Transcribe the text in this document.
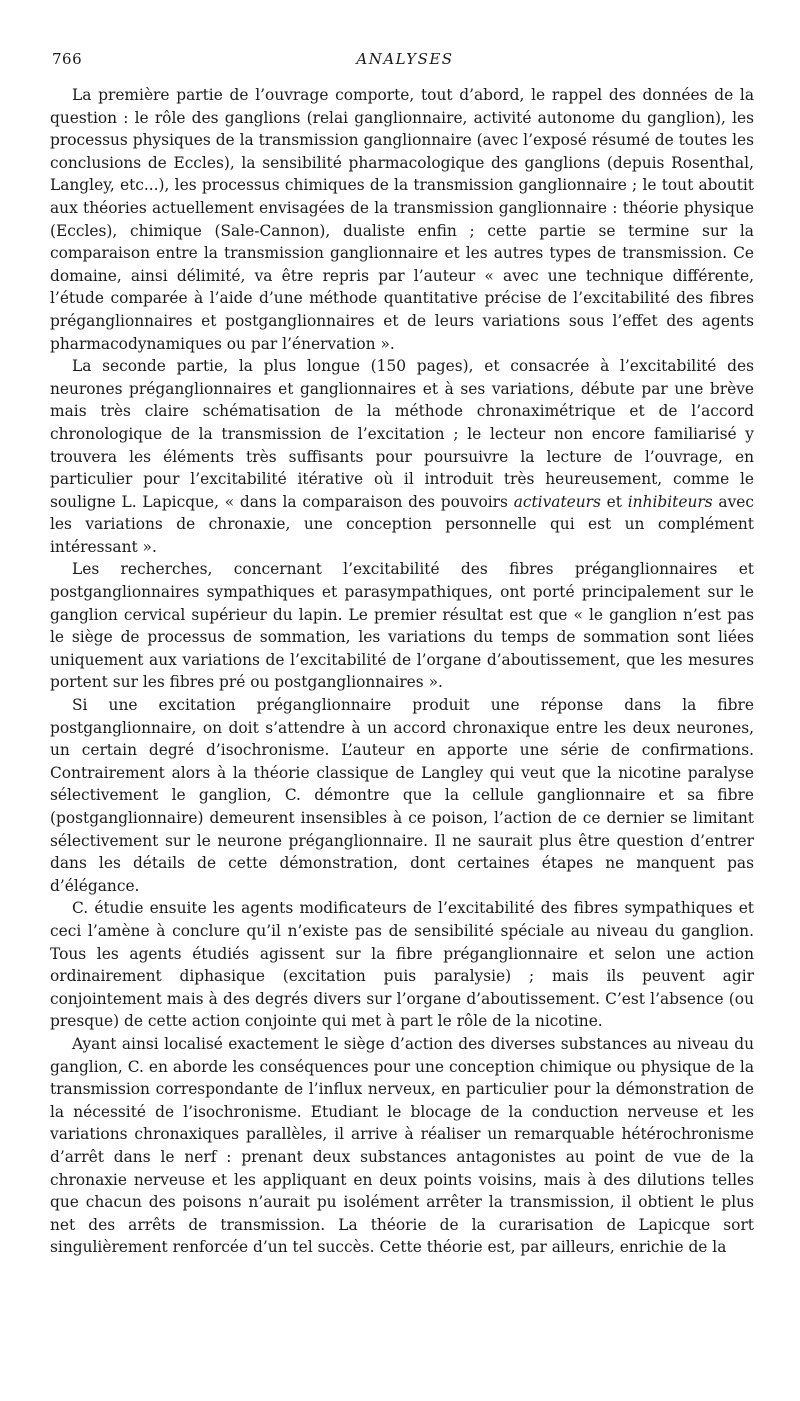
766	ANALYSES

La première partie de l’ouvrage comporte, tout d’abord, le rappel des données de la question : le rôle des ganglions (relai ganglionnaire, activité autonome du ganglion), les processus physiques de la transmission ganglionnaire (avec l’exposé résumé de toutes les conclusions de Eccles), la sensibilité pharmacologique des ganglions (depuis Rosenthal, Langley, etc...), les processus chimiques de la transmission ganglionnaire ; le tout aboutit aux théories actuellement envisagées de la transmission ganglionnaire : théorie physique (Eccles), chimique (Sale-Cannon), dualiste enfin ; cette partie se termine sur la comparaison entre la transmission ganglionnaire et les autres types de transmission. Ce domaine, ainsi délimité, va être repris par l’auteur « avec une technique différente, l’étude comparée à l’aide d’une méthode quantitative précise de l’excitabilité des fibres préganglionnaires et postganglionnaires et de leurs variations sous l’effet des agents pharmacodynamiques ou par l’énervation ».

La seconde partie, la plus longue (150 pages), et consacrée à l’excitabilité des neurones préganglionnaires et ganglionnaires et à ses variations, débute par une brève mais très claire schématisation de la méthode chronaximétrique et de l’accord chronologique de la transmission de l’excitation ; le lecteur non encore familiarisé y trouvera les éléments très suffisants pour poursuivre la lecture de l’ouvrage, en particulier pour l’excitabilité itérative où il introduit très heureusement, comme le souligne L. Lapicque, « dans la comparaison des pouvoirs activateurs et inhibiteurs avec les variations de chronaxie, une conception personnelle qui est un complément intéressant ».

Les recherches, concernant l’excitabilité des fibres préganglionnaires et postganglionnaires sympathiques et parasympathiques, ont porté principalement sur le ganglion cervical supérieur du lapin. Le premier résultat est que « le ganglion n’est pas le siège de processus de sommation, les variations du temps de sommation sont liées uniquement aux variations de l’excitabilité de l’organe d’aboutissement, que les mesures portent sur les fibres pré ou postganglionnaires ».

Si une excitation préganglionnaire produit une réponse dans la fibre postganglionnaire, on doit s’attendre à un accord chronaxique entre les deux neurones, un certain degré d’isochronisme. L’auteur en apporte une série de confirmations. Contrairement alors à la théorie classique de Langley qui veut que la nicotine paralyse sélectivement le ganglion, C. démontre que la cellule ganglionnaire et sa fibre (postganglionnaire) demeurent insensibles à ce poison, l’action de ce dernier se limitant sélectivement sur le neurone préganglionnaire. Il ne saurait plus être question d’entrer dans les détails de cette démonstration, dont certaines étapes ne manquent pas d’élégance.

C. étudie ensuite les agents modificateurs de l’excitabilité des fibres sympathiques et ceci l’amène à conclure qu’il n’existe pas de sensibilité spéciale au niveau du ganglion. Tous les agents étudiés agissent sur la fibre préganglionnaire et selon une action ordinairement diphasique (excitation puis paralysie) ; mais ils peuvent agir conjointement mais à des degrés divers sur l’organe d’aboutissement. C’est l’absence (ou presque) de cette action conjointe qui met à part le rôle de la nicotine.

Ayant ainsi localisé exactement le siège d’action des diverses substances au niveau du ganglion, C. en aborde les conséquences pour une conception chimique ou physique de la transmission correspondante de l’influx nerveux, en particulier pour la démonstration de la nécessité de l’isochronisme. Etudiant le blocage de la conduction nerveuse et les variations chronaxiques parallèles, il arrive à réaliser un remarquable hétérochronisme d’arrêt dans le nerf : prenant deux substances antagonistes au point de vue de la chronaxie nerveuse et les appliquant en deux points voisins, mais à des dilutions telles que chacun des poisons n’aurait pu isolément arrêter la transmission, il obtient le plus net des arrêts de transmission. La théorie de la curarisation de Lapicque sort singulièrement renforcée d’un tel succès. Cette théorie est, par ailleurs, enrichie de la
